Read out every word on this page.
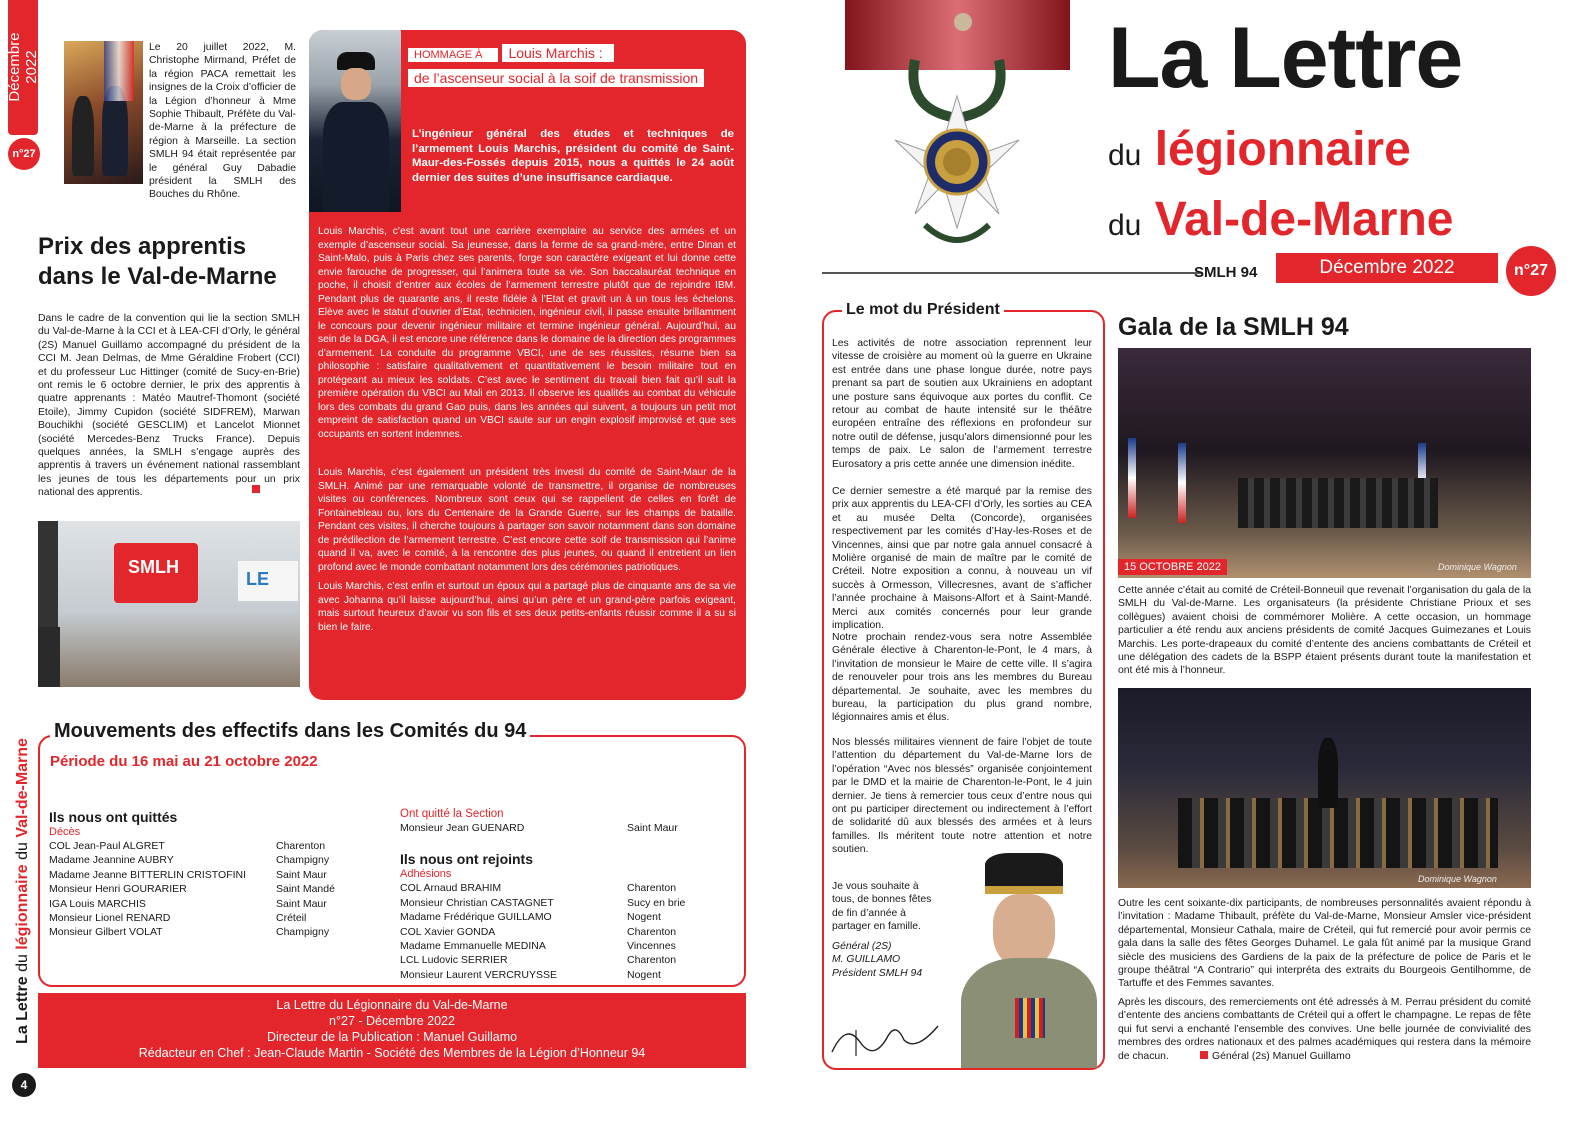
Décembre 2022
n°27

Le 20 juillet 2022, M. Christophe Mirmand, Préfet de la région PACA remettait les insignes de la Croix d’officier de la Légion d’honneur à Mme Sophie Thibault, Préfète du Val-de-Marne à la préfecture de région à Marseille. La section SMLH 94 était représentée par le général Guy Dabadie président la SMLH des Bouches du Rhône.

Prix des apprentis
dans le Val-de-Marne

Dans le cadre de la convention qui lie la section SMLH du Val-de-Marne à la CCI et à LEA-CFI d’Orly, le général (2S) Manuel Guillamo accompagné du président de la CCI M. Jean Delmas, de Mme Géraldine Frobert (CCI) et du professeur Luc Hittinger (comité de Sucy-en-Brie) ont remis le 6 octobre dernier, le prix des apprentis à quatre apprenants : Matéo Mautref-Thomont (société Etoile), Jimmy Cupidon (société SIDFREM), Marwan Bouchikhi (société GESCLIM) et Lancelot Mionnet (société Mercedes-Benz Trucks France). Depuis quelques années, la SMLH s’engage auprès des apprentis à travers un événement national rassemblant les jeunes de tous les départements pour un prix national des apprentis.

SMLH
LE
HOMMAGE À Louis Marchis : de l’ascenseur social à la soif de transmission

L’ingénieur général des études et techniques de l’armement Louis Marchis, président du comité de Saint-Maur-des-Fossés depuis 2015, nous a quittés le 24 août dernier des suites d’une insuffisance cardiaque.

Louis Marchis, c’est avant tout une carrière exemplaire au service des armées et un exemple d’ascenseur social. Sa jeunesse, dans la ferme de sa grand-mère, entre Dinan et Saint-Malo, puis à Paris chez ses parents, forge son caractère exigeant et lui donne cette envie farouche de progresser, qui l’animera toute sa vie. Son baccalauréat technique en poche, il choisit d’entrer aux écoles de l’armement terrestre plutôt que de rejoindre IBM. Pendant plus de quarante ans, il reste fidèle à l’Etat et gravit un à un tous les échelons. Elève avec le statut d’ouvrier d’Etat, technicien, ingénieur civil, il passe ensuite brillamment le concours pour devenir ingénieur militaire et termine ingénieur général. Aujourd’hui, au sein de la DGA, il est encore une référence dans le domaine de la direction des programmes d’armement. La conduite du programme VBCI, une de ses réussites, résume bien sa philosophie : satisfaire qualitativement et quantitativement le besoin militaire tout en protégeant au mieux les soldats. C’est avec le sentiment du travail bien fait qu’il suit la première opération du VBCI au Mali en 2013. Il observe les qualités au combat du véhicule lors des combats du grand Gao puis, dans les années qui suivent, a toujours un petit mot empreint de satisfaction quand un VBCI saute sur un engin explosif improvisé et que ses occupants en sortent indemnes.

Louis Marchis, c’est également un président très investi du comité de Saint-Maur de la SMLH. Animé par une remarquable volonté de transmettre, il organise de nombreuses visites ou conférences. Nombreux sont ceux qui se rappellent de celles en forêt de Fontainebleau ou, lors du Centenaire de la Grande Guerre, sur les champs de bataille. Pendant ces visites, il cherche toujours à partager son savoir notamment dans son domaine de prédilection de l’armement terrestre. C’est encore cette soif de transmission qui l’anime quand il va, avec le comité, à la rencontre des plus jeunes, ou quand il entretient un lien profond avec le monde combattant notamment lors des cérémonies patriotiques.

Louis Marchis, c’est enfin et surtout un époux qui a partagé plus de cinquante ans de sa vie avec Johanna qu’il laisse aujourd’hui, ainsi qu’un père et un grand-père parfois exigeant, mais surtout heureux d’avoir vu son fils et ses deux petits-enfants réussir comme il a su si bien le faire.

Mouvements des effectifs dans les Comités du 94
Période du 16 mai au 21 octobre 2022
Ils nous ont quittés
Décès
COL Jean-Paul ALGRET	Charenton
Madame Jeannine AUBRY	Champigny
Madame Jeanne BITTERLIN CRISTOFINI	Saint Maur
Monsieur Henri GOURARIER	Saint Mandé
IGA Louis MARCHIS	Saint Maur
Monsieur Lionel RENARD	Créteil
Monsieur Gilbert VOLAT	Champigny
Ont quitté la Section
Monsieur Jean GUENARD	Saint Maur
Ils nous ont rejoints
Adhésions
COL Arnaud BRAHIM	Charenton
Monsieur Christian CASTAGNET	Sucy en brie
Madame Frédérique GUILLAMO	Nogent
COL Xavier GONDA	Charenton
Madame Emmanuelle MEDINA	Vincennes
LCL Ludovic SERRIER	Charenton
Monsieur Laurent VERCRUYSSE	Nogent
La Lettre du Légionnaire du Val-de-Marne
n°27 - Décembre 2022
Directeur de la Publication : Manuel Guillamo
Rédacteur en Chef : Jean-Claude Martin - Société des Membres de la Légion d’Honneur 94
La Lettre du légionnaire du Val-de-Marne
4
La Lettre
du légionnaire
du Val-de-Marne
SMLH 94	Décembre 2022	n°27
Le mot du Président

Les activités de notre association reprennent leur vitesse de croisière au moment où la guerre en Ukraine est entrée dans une phase longue durée, notre pays prenant sa part de soutien aux Ukrainiens en adoptant une posture sans équivoque aux portes du conflit. Ce retour au combat de haute intensité sur le théâtre européen entraîne des réflexions en profondeur sur notre outil de défense, jusqu’alors dimensionné pour les temps de paix. Le salon de l’armement terrestre Eurosatory a pris cette année une dimension inédite.

Ce dernier semestre a été marqué par la remise des prix aux apprentis du LEA-CFI d’Orly, les sorties au CEA et au musée Delta (Concorde), organisées respectivement par les comités d’Hay-les-Roses et de Vincennes, ainsi que par notre gala annuel consacré à Molière organisé de main de maître par le comité de Créteil. Notre exposition a connu, à nouveau un vif succès à Ormesson, Villecresnes, avant de s’afficher l’année prochaine à Maisons-Alfort et à Saint-Mandé. Merci aux comités concernés pour leur grande implication.

Notre prochain rendez-vous sera notre Assemblée Générale élective à Charenton-le-Pont, le 4 mars, à l’invitation de monsieur le Maire de cette ville. Il s’agira de renouveler pour trois ans les membres du Bureau départemental. Je souhaite, avec les membres du bureau, la participation du plus grand nombre, légionnaires amis et élus.

Nos blessés militaires viennent de faire l’objet de toute l’attention du département du Val-de-Marne lors de l’opération “Avec nos blessés” organisée conjointement par le DMD et la mairie de Charenton-le-Pont, le 4 juin dernier. Je tiens à remercier tous ceux d’entre nous qui ont pu participer directement ou indirectement à l’effort de solidarité dû aux blessés des armées et à leurs familles. Ils méritent toute notre attention et notre soutien.

Je vous souhaite à tous, de bonnes fêtes de fin d’année à partager en famille.

Général (2S)
M. GUILLAMO
Président SMLH 94
Gala de la SMLH 94
Dominique Wagnon
15 OCTOBRE 2022

Cette année c’était au comité de Créteil-Bonneuil que revenait l’organisation du gala de la SMLH du Val-de-Marne. Les organisateurs (la présidente Christiane Prioux et ses collègues) avaient choisi de commémorer Molière. A cette occasion, un hommage particulier a été rendu aux anciens présidents de comité Jacques Guimezanes et Louis Marchis. Les porte-drapeaux du comité d’entente des anciens combattants de Créteil et une délégation des cadets de la BSPP étaient présents durant toute la manifestation et ont été mis à l’honneur.

Dominique Wagnon

Outre les cent soixante-dix participants, de nombreuses personnalités avaient répondu à l’invitation : Madame Thibault, préfète du Val-de-Marne, Monsieur Amsler vice-président départemental, Monsieur Cathala, maire de Créteil, qui fut remercié pour avoir permis ce gala dans la salle des fêtes Georges Duhamel. Le gala fût animé par la musique Grand siècle des musiciens des Gardiens de la paix de la préfecture de police de Paris et le groupe théâtral “A Contrario” qui interpréta des extraits du Bourgeois Gentilhomme, de Tartuffe et des Femmes savantes.

Après les discours, des remerciements ont été adressés à M. Perrau président du comité d’entente des anciens combattants de Créteil qui a offert le champagne. Le repas de fête qui fut servi a enchanté l’ensemble des convives. Une belle journée de convivialité des membres des ordres nationaux et des palmes académiques qui restera dans la mémoire de chacun.	Général (2s) Manuel Guillamo
